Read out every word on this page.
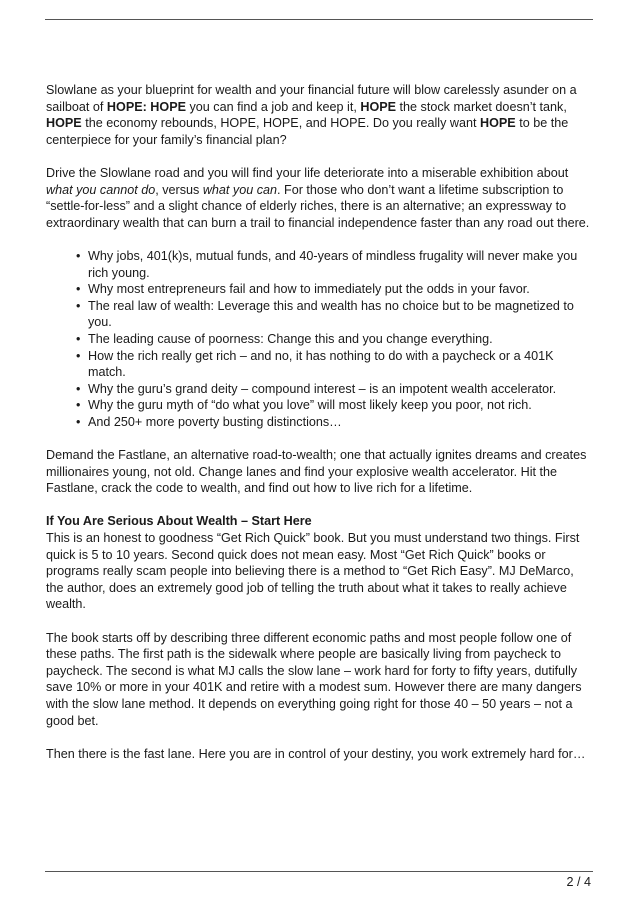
Slowlane as your blueprint for wealth and your financial future will blow carelessly asunder on a sailboat of HOPE: HOPE you can find a job and keep it, HOPE the stock market doesn’t tank, HOPE the economy rebounds, HOPE, HOPE, and HOPE. Do you really want HOPE to be the centerpiece for your family’s financial plan?

Drive the Slowlane road and you will find your life deteriorate into a miserable exhibition about what you cannot do, versus what you can. For those who don’t want a lifetime subscription to “settle-for-less” and a slight chance of elderly riches, there is an alternative; an expressway to extraordinary wealth that can burn a trail to financial independence faster than any road out there.

• Why jobs, 401(k)s, mutual funds, and 40-years of mindless frugality will never make you rich young.
• Why most entrepreneurs fail and how to immediately put the odds in your favor.
• The real law of wealth: Leverage this and wealth has no choice but to be magnetized to you.
• The leading cause of poorness: Change this and you change everything.
• How the rich really get rich – and no, it has nothing to do with a paycheck or a 401K match.
• Why the guru’s grand deity – compound interest – is an impotent wealth accelerator.
• Why the guru myth of “do what you love” will most likely keep you poor, not rich.
• And 250+ more poverty busting distinctions…

Demand the Fastlane, an alternative road-to-wealth; one that actually ignites dreams and creates millionaires young, not old. Change lanes and find your explosive wealth accelerator. Hit the Fastlane, crack the code to wealth, and find out how to live rich for a lifetime.

If You Are Serious About Wealth – Start Here

This is an honest to goodness “Get Rich Quick” book. But you must understand two things. First quick is 5 to 10 years. Second quick does not mean easy. Most “Get Rich Quick” books or programs really scam people into believing there is a method to “Get Rich Easy”. MJ DeMarco, the author, does an extremely good job of telling the truth about what it takes to really achieve wealth.

The book starts off by describing three different economic paths and most people follow one of these paths. The first path is the sidewalk where people are basically living from paycheck to paycheck. The second is what MJ calls the slow lane – work hard for forty to fifty years, dutifully save 10% or more in your 401K and retire with a modest sum. However there are many dangers with the slow lane method. It depends on everything going right for those 40 – 50 years – not a good bet.

Then there is the fast lane. Here you are in control of your destiny, you work extremely hard for…

2 / 4
